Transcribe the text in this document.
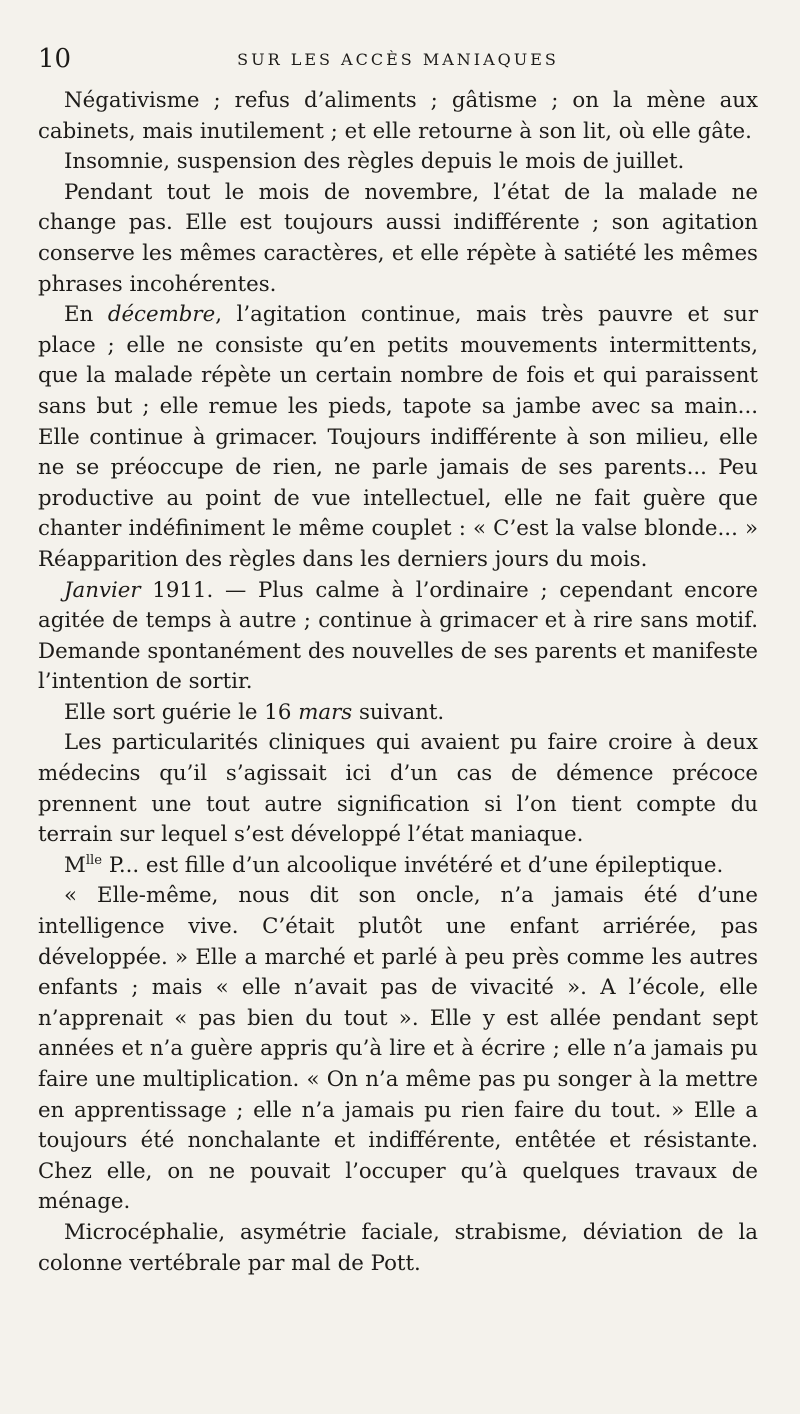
10	SUR LES ACCÈS MANIAQUES

Négativisme ; refus d’aliments ; gâtisme ; on la mène aux cabinets, mais inutilement ; et elle retourne à son lit, où elle gâte.

Insomnie, suspension des règles depuis le mois de juillet.

Pendant tout le mois de novembre, l’état de la malade ne change pas. Elle est toujours aussi indifférente ; son agitation conserve les mêmes caractères, et elle répète à satiété les mêmes phrases incohérentes.

En décembre, l’agitation continue, mais très pauvre et sur place ; elle ne consiste qu’en petits mouvements intermittents, que la malade répète un certain nombre de fois et qui paraissent sans but ; elle remue les pieds, tapote sa jambe avec sa main... Elle continue à grimacer. Toujours indifférente à son milieu, elle ne se préoccupe de rien, ne parle jamais de ses parents... Peu productive au point de vue intellectuel, elle ne fait guère que chanter indéfiniment le même couplet : « C’est la valse blonde... » Réapparition des règles dans les derniers jours du mois.

Janvier 1911. — Plus calme à l’ordinaire ; cependant encore agitée de temps à autre ; continue à grimacer et à rire sans motif. Demande spontanément des nouvelles de ses parents et manifeste l’intention de sortir.

Elle sort guérie le 16 mars suivant.

Les particularités cliniques qui avaient pu faire croire à deux médecins qu’il s’agissait ici d’un cas de démence précoce prennent une tout autre signification si l’on tient compte du terrain sur lequel s’est développé l’état maniaque.

$M^{lle}$ P... est fille d’un alcoolique invétéré et d’une épileptique.

« Elle-même, nous dit son oncle, n’a jamais été d’une intelligence vive. C’était plutôt une enfant arriérée, pas développée. » Elle a marché et parlé à peu près comme les autres enfants ; mais « elle n’avait pas de vivacité ». A l’école, elle n’apprenait « pas bien du tout ». Elle y est allée pendant sept années et n’a guère appris qu’à lire et à écrire ; elle n’a jamais pu faire une multiplication. « On n’a même pas pu songer à la mettre en apprentissage ; elle n’a jamais pu rien faire du tout. » Elle a toujours été nonchalante et indifférente, entêtée et résistante. Chez elle, on ne pouvait l’occuper qu’à quelques travaux de ménage.

Microcéphalie, asymétrie faciale, strabisme, déviation de la colonne vertébrale par mal de Pott.
